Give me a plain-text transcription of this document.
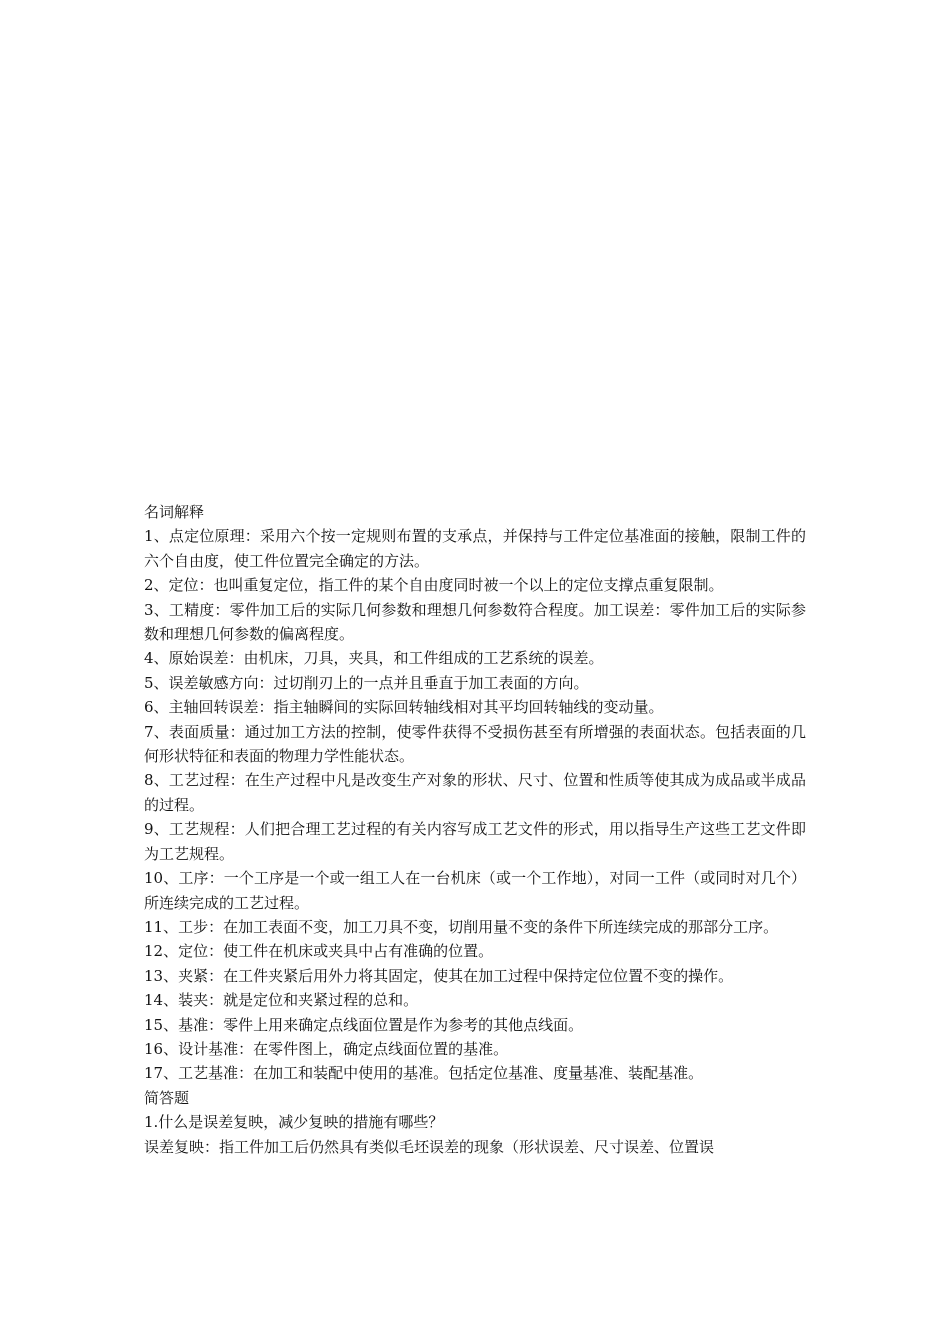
名词解释

1、点定位原理：采用六个按一定规则布置的支承点，并保持与工件定位基准面的接触，限制工件的六个自由度，使工件位置完全确定的方法。

2、定位：也叫重复定位，指工件的某个自由度同时被一个以上的定位支撑点重复限制。

3、工精度：零件加工后的实际几何参数和理想几何参数符合程度。加工误差：零件加工后的实际参数和理想几何参数的偏离程度。

4、原始误差：由机床，刀具，夹具，和工件组成的工艺系统的误差。

5、误差敏感方向：过切削刃上的一点并且垂直于加工表面的方向。

6、主轴回转误差：指主轴瞬间的实际回转轴线相对其平均回转轴线的变动量。

7、表面质量：通过加工方法的控制，使零件获得不受损伤甚至有所增强的表面状态。包括表面的几何形状特征和表面的物理力学性能状态。

8、工艺过程：在生产过程中凡是改变生产对象的形状、尺寸、位置和性质等使其成为成品或半成品的过程。

9、工艺规程：人们把合理工艺过程的有关内容写成工艺文件的形式，用以指导生产这些工艺文件即为工艺规程。

10、工序：一个工序是一个或一组工人在一台机床（或一个工作地），对同一工件（或同时对几个）所连续完成的工艺过程。

11、工步：在加工表面不变，加工刀具不变，切削用量不变的条件下所连续完成的那部分工序。

12、定位：使工件在机床或夹具中占有准确的位置。

13、夹紧：在工件夹紧后用外力将其固定，使其在加工过程中保持定位位置不变的操作。

14、装夹：就是定位和夹紧过程的总和。

15、基准：零件上用来确定点线面位置是作为参考的其他点线面。

16、设计基准：在零件图上，确定点线面位置的基准。

17、工艺基准：在加工和装配中使用的基准。包括定位基准、度量基准、装配基准。

简答题

1.什么是误差复映，减少复映的措施有哪些？

误差复映：指工件加工后仍然具有类似毛坯误差的现象（形状误差、尺寸误差、位置误
